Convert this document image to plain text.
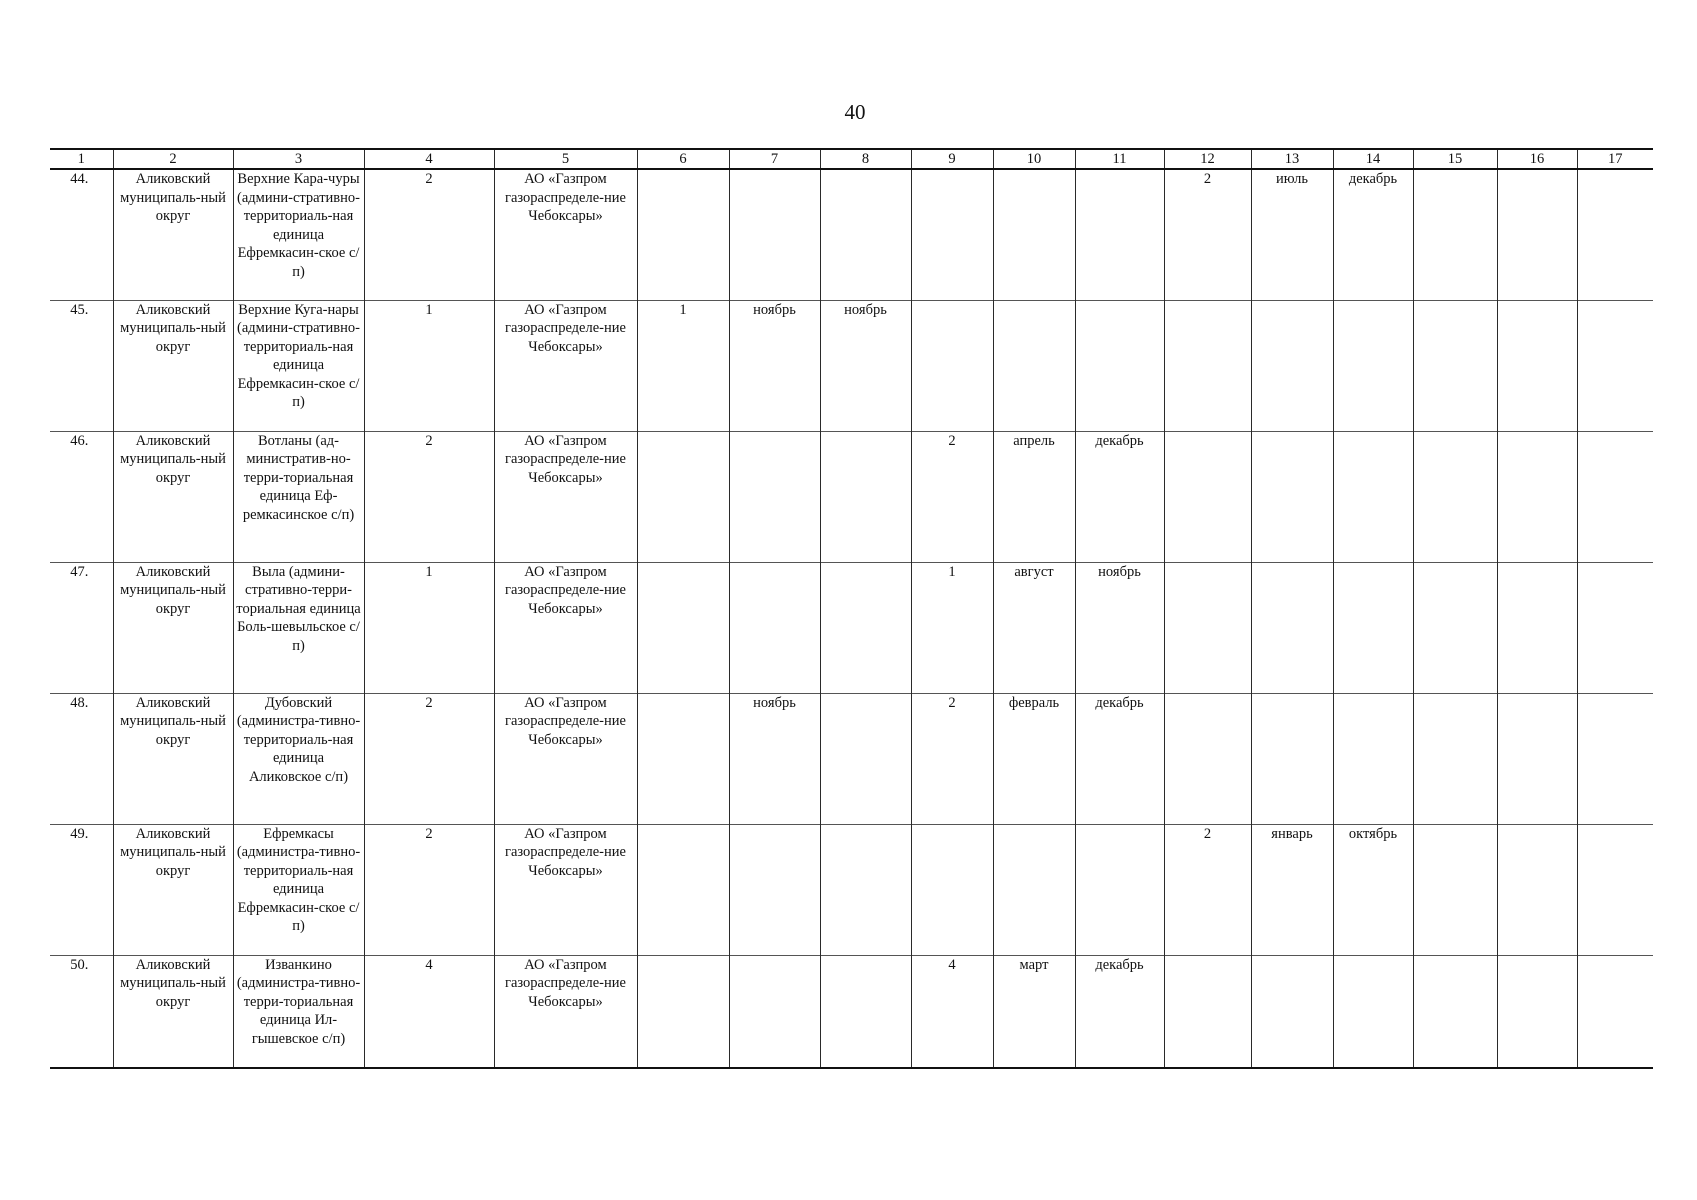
40
1	2	3	4	5	6	7	8	9	10	11	12	13	14	15	16	17
44.	Аликовский муниципаль-ный округ	Верхние Кара-чуры (админи-стративно-территориаль-ная единица Ефремкасин-ское с/п)	2	АО «Газпром газораспределе-ние Чебоксары»							2	июль	декабрь			
45.	Аликовский муниципаль-ный округ	Верхние Куга-нары (админи-стративно-территориаль-ная единица Ефремкасин-ское с/п)	1	АО «Газпром газораспределе-ние Чебоксары»	1	ноябрь	ноябрь									
46.	Аликовский муниципаль-ный округ	Вотланы (ад-министратив-но-терри-ториальная единица Еф-ремкасинское с/п)	2	АО «Газпром газораспределе-ние Чебоксары»				2	апрель	декабрь						
47.	Аликовский муниципаль-ный округ	Выла (админи-стративно-терри-ториальная единица Боль-шевыльское с/п)	1	АО «Газпром газораспределе-ние Чебоксары»				1	август	ноябрь						
48.	Аликовский муниципаль-ный округ	Дубовский (администра-тивно-территориаль-ная единица Аликовское с/п)	2	АО «Газпром газораспределе-ние Чебоксары»		ноябрь		2	февраль	декабрь						
49.	Аликовский муниципаль-ный округ	Ефремкасы (администра-тивно-территориаль-ная единица Ефремкасин-ское с/п)	2	АО «Газпром газораспределе-ние Чебоксары»							2	январь	октябрь			
50.	Аликовский муниципаль-ный округ	Изванкино (администра-тивно-терри-ториальная единица Ил-гышевское с/п)	4	АО «Газпром газораспределе-ние Чебоксары»				4	март	декабрь						
